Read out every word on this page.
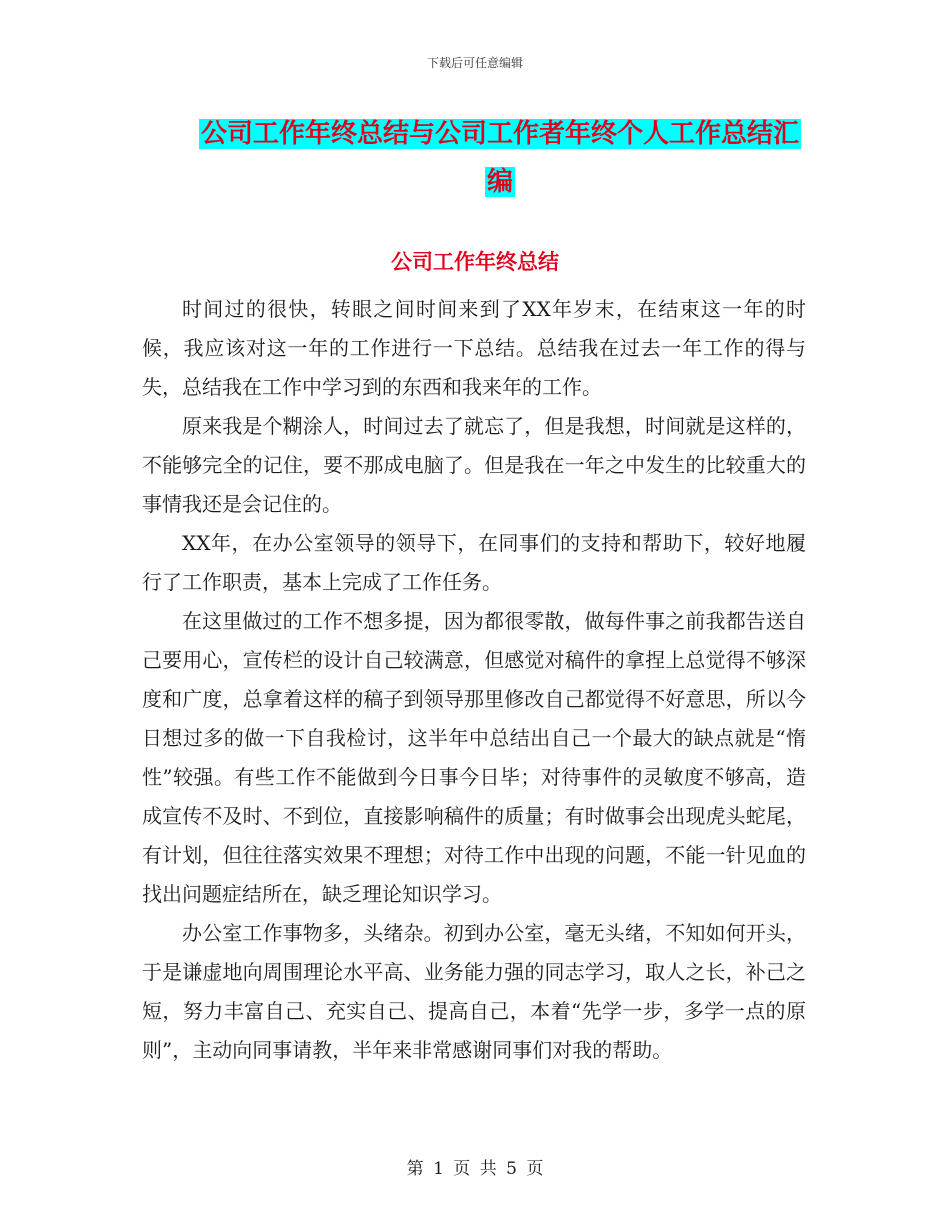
下载后可任意编辑
公司工作年终总结与公司工作者年终个人工作总结汇编
公司工作年终总结

时间过的很快，转眼之间时间来到了XX年岁末，在结束这一年的时候，我应该对这一年的工作进行一下总结。总结我在过去一年工作的得与失，总结我在工作中学习到的东西和我来年的工作。

原来我是个糊涂人，时间过去了就忘了，但是我想，时间就是这样的，不能够完全的记住，要不那成电脑了。但是我在一年之中发生的比较重大的事情我还是会记住的。

XX年，在办公室领导的领导下，在同事们的支持和帮助下，较好地履行了工作职责，基本上完成了工作任务。

在这里做过的工作不想多提，因为都很零散，做每件事之前我都告送自己要用心，宣传栏的设计自己较满意，但感觉对稿件的拿捏上总觉得不够深度和广度，总拿着这样的稿子到领导那里修改自己都觉得不好意思，所以今日想过多的做一下自我检讨，这半年中总结出自己一个最大的缺点就是“惰性”较强。有些工作不能做到今日事今日毕；对待事件的灵敏度不够高，造成宣传不及时、不到位，直接影响稿件的质量；有时做事会出现虎头蛇尾，有计划，但往往落实效果不理想；对待工作中出现的问题，不能一针见血的找出问题症结所在，缺乏理论知识学习。

办公室工作事物多，头绪杂。初到办公室，毫无头绪，不知如何开头，于是谦虚地向周围理论水平高、业务能力强的同志学习，取人之长，补己之短，努力丰富自己、充实自己、提高自己，本着“先学一步，多学一点的原则”，主动向同事请教，半年来非常感谢同事们对我的帮助。

第 1 页 共 5 页
